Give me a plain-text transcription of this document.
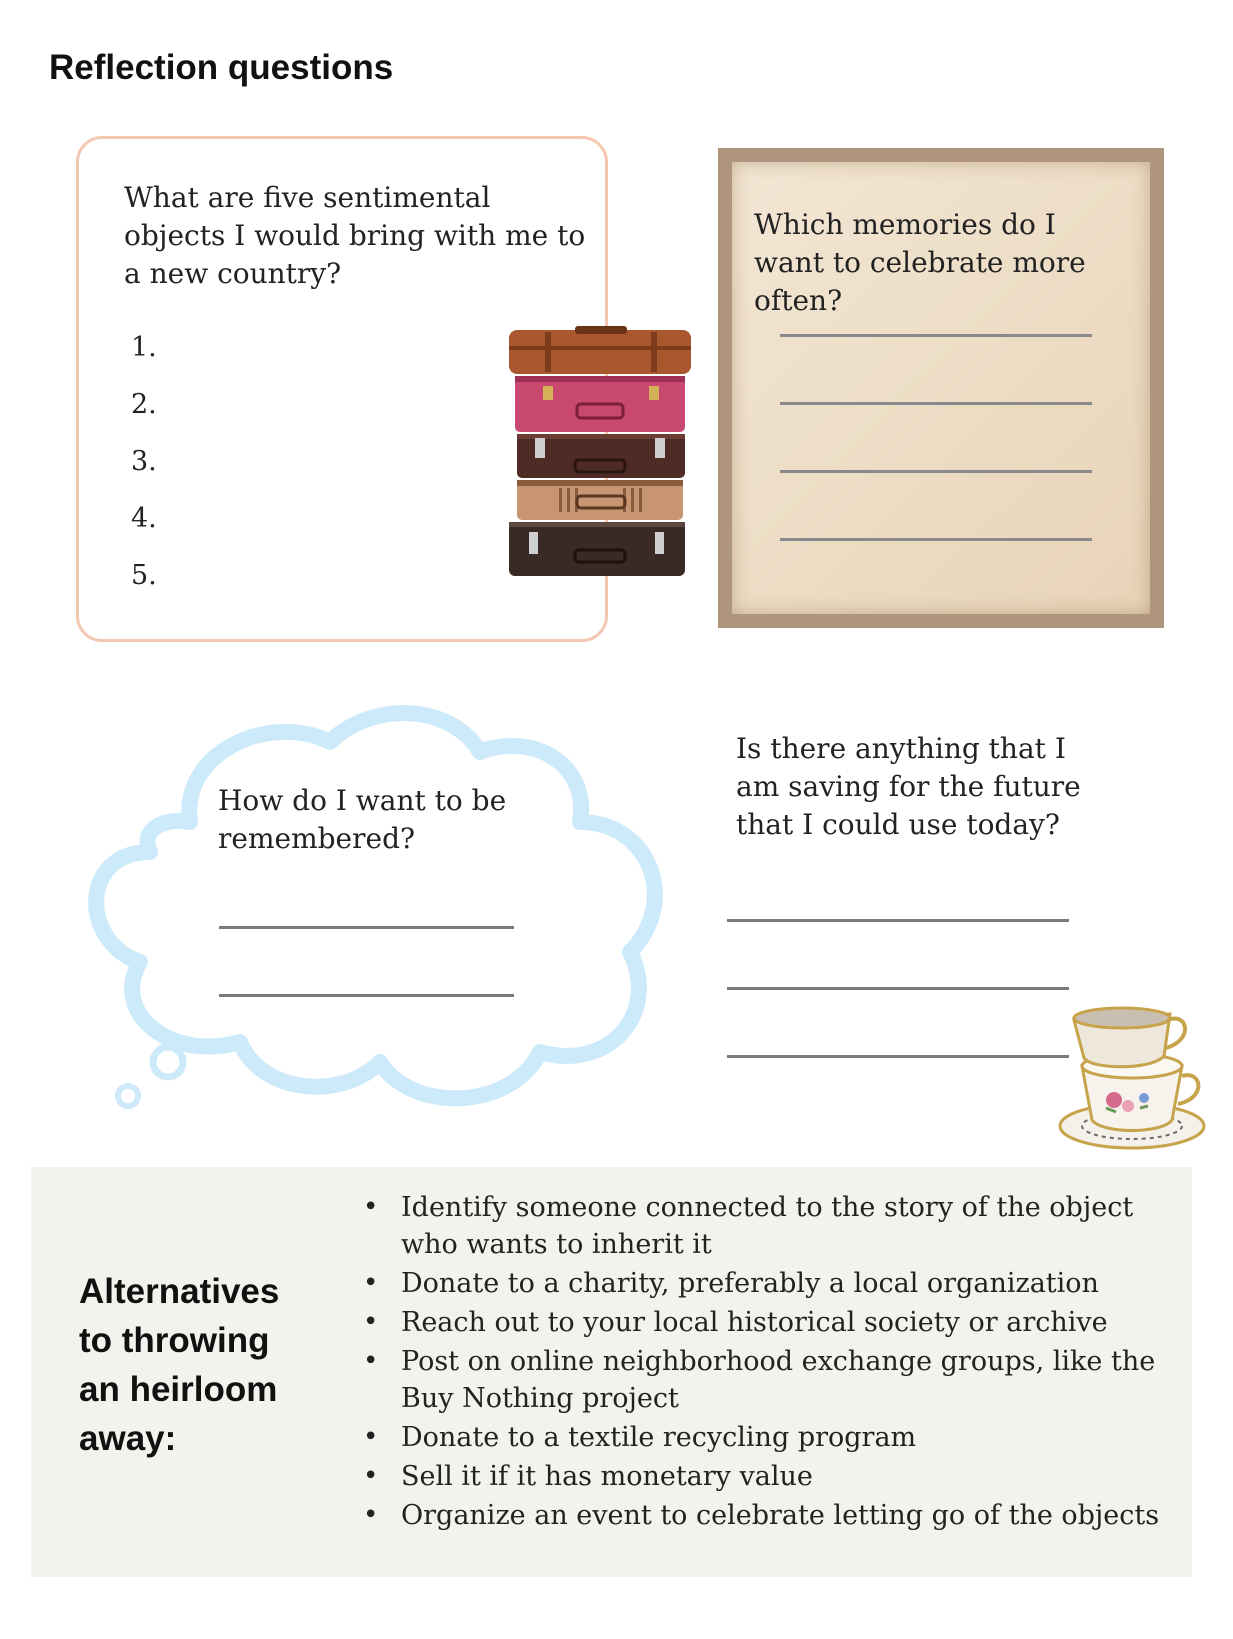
Reflection questions

What are five sentimental objects I would bring with me to a new country?

1.
2.
3.
4.
5.

Which memories do I want to celebrate more often?

How do I want to be remembered?

Is there anything that I am saving for the future that I could use today?

Alternatives to throwing an heirloom away:
• Identify someone connected to the story of the object who wants to inherit it
• Donate to a charity, preferably a local organization
• Reach out to your local historical society or archive
• Post on online neighborhood exchange groups, like the Buy Nothing project
• Donate to a textile recycling program
• Sell it if it has monetary value
• Organize an event to celebrate letting go of the objects
